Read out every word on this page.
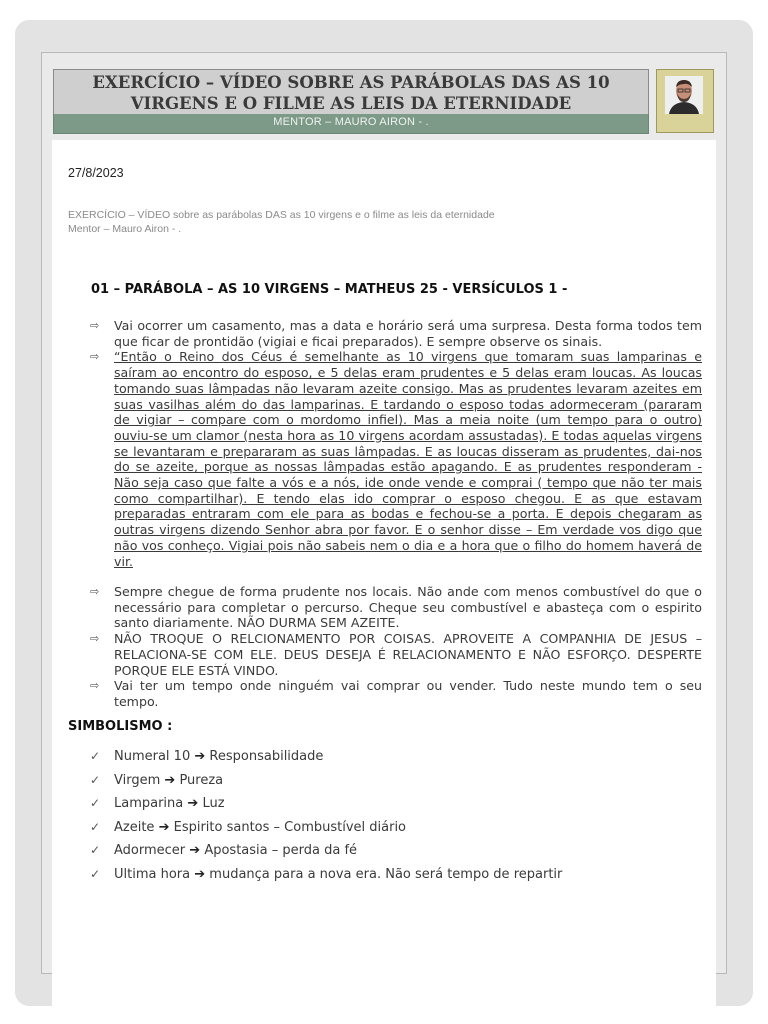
EXERCÍCIO – VÍDEO SOBRE AS PARÁBOLAS DAS AS 10
VIRGENS E O FILME AS LEIS DA ETERNIDADE
MENTOR – MAURO AIRON - .
27/8/2023
EXERCÍCIO – VÍDEO sobre as parábolas DAS as 10 virgens e o filme as leis da eternidade
Mentor – Mauro Airon - .
01 – PARÁBOLA – AS 10 VIRGENS – MATHEUS 25 - VERSÍCULOS 1 -
⇨ Vai ocorrer um casamento, mas a data e horário será uma surpresa. Desta forma todos tem que ficar de prontidão (vigiai e ficai preparados). E sempre observe os sinais.
⇨ “Então o Reino dos Céus é semelhante as 10 virgens que tomaram suas lamparinas e saíram ao encontro do esposo, e 5 delas eram prudentes e 5 delas eram loucas. As loucas tomando suas lâmpadas não levaram azeite consigo. Mas as prudentes levaram azeites em suas vasilhas além do das lamparinas. E tardando o esposo todas adormeceram (pararam de vigiar – compare com o mordomo infiel). Mas a meia noite (um tempo para o outro) ouviu-se um clamor (nesta hora as 10 virgens acordam assustadas). E todas aquelas virgens se levantaram e prepararam as suas lâmpadas. E as loucas disseram as prudentes, dai-nos do se azeite, porque as nossas lâmpadas estão apagando. E as prudentes responderam - Não seja caso que falte a vós e a nós, ide onde vende e comprai ( tempo que não ter mais como compartilhar). E tendo elas ido comprar o esposo chegou. E as que estavam preparadas entraram com ele para as bodas e fechou-se a porta. E depois chegaram as outras virgens dizendo Senhor abra por favor. E o senhor disse – Em verdade vos digo que não vos conheço. Vigiai pois não sabeis nem o dia e a hora que o filho do homem haverá de vir.
⇨ Sempre chegue de forma prudente nos locais. Não ande com menos combustível do que o necessário para completar o percurso. Cheque seu combustível e abasteça com o espirito santo diariamente. NÃO DURMA SEM AZEITE.
⇨ NÃO TROQUE O RELCIONAMENTO POR COISAS. APROVEITE A COMPANHIA DE JESUS – RELACIONA-SE COM ELE. DEUS DESEJA É RELACIONAMENTO E NÃO ESFORÇO. DESPERTE PORQUE ELE ESTÁ VINDO.
⇨ Vai ter um tempo onde ninguém vai comprar ou vender. Tudo neste mundo tem o seu tempo.
SIMBOLISMO :
✓ Numeral 10 ➔ Responsabilidade
✓ Virgem ➔ Pureza
✓ Lamparina ➔ Luz
✓ Azeite ➔ Espirito santos – Combustível diário
✓ Adormecer ➔ Apostasia – perda da fé
✓ Ultima hora ➔ mudança para a nova era. Não será tempo de repartir
